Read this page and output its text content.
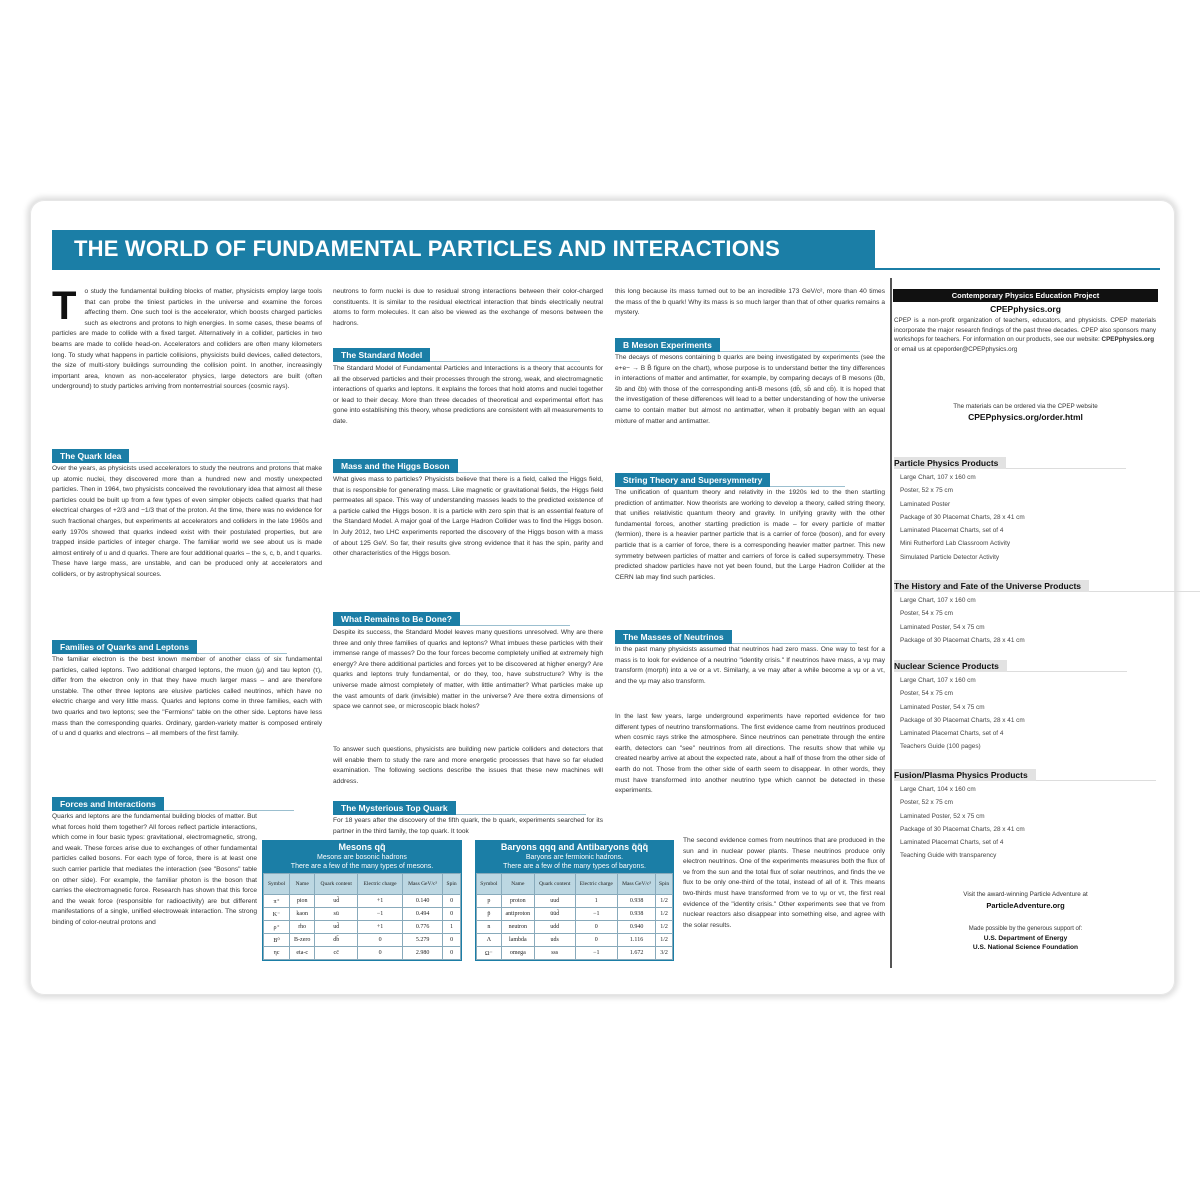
THE WORLD OF FUNDAMENTAL PARTICLES AND INTERACTIONS
T o study the fundamental building blocks of matter, physicists employ large tools that can probe the tiniest particles in the universe and examine the forces affecting them. One such tool is the accelerator, which boosts charged particles such as electrons and protons to high energies. In some cases, these beams of particles are made to collide with a fixed target. Alternatively in a collider, particles in two beams are made to collide head-on. Accelerators and colliders are often many kilometers long. To study what happens in particle collisions, physicists build devices, called detectors, the size of multi-story buildings surrounding the collision point. In another, increasingly important area, known as non-accelerator physics, large detectors are built (often underground) to study particles arriving from nonterrestrial sources (cosmic rays).
The Quark Idea
Over the years, as physicists used accelerators to study the neutrons and protons that make up atomic nuclei, they discovered more than a hundred new and mostly unexpected particles. Then in 1964, two physicists conceived the revolutionary idea that almost all these particles could be built up from a few types of even simpler objects called quarks that had electrical charges of +2/3 and −1/3 that of the proton. At the time, there was no evidence for such fractional charges, but experiments at accelerators and colliders in the late 1960s and early 1970s showed that quarks indeed exist with their postulated properties, but are trapped inside particles of integer charge. The familiar world we see about us is made almost entirely of u and d quarks. There are four additional quarks – the s, c, b, and t quarks. These have large mass, are unstable, and can be produced only at accelerators and colliders, or by astrophysical sources.
Families of Quarks and Leptons
The familiar electron is the best known member of another class of six fundamental particles, called leptons. Two additional charged leptons, the muon (μ) and tau lepton (τ), differ from the electron only in that they have much larger mass – and are therefore unstable. The other three leptons are elusive particles called neutrinos, which have no electric charge and very little mass. Quarks and leptons come in three families, each with two quarks and two leptons; see the "Fermions" table on the other side. Leptons have less mass than the corresponding quarks. Ordinary, garden-variety matter is composed entirely of u and d quarks and electrons – all members of the first family.
Forces and Interactions
Quarks and leptons are the fundamental building blocks of matter. But what forces hold them together? All forces reflect particle interactions, which come in four basic types: gravitational, electromagnetic, strong, and weak. These forces arise due to exchanges of other fundamental particles called bosons. For each type of force, there is at least one such carrier particle that mediates the interaction (see "Bosons" table on other side). For example, the familiar photon is the boson that carries the electromagnetic force. Research has shown that this force and the weak force (responsible for radioactivity) are but different manifestations of a single, unified electroweak interaction. The strong binding of color-neutral protons and
neutrons to form nuclei is due to residual strong interactions between their color-charged constituents. It is similar to the residual electrical interaction that binds electrically neutral atoms to form molecules. It can also be viewed as the exchange of mesons between the hadrons.
The Standard Model
The Standard Model of Fundamental Particles and Interactions is a theory that accounts for all the observed particles and their processes through the strong, weak, and electromagnetic interactions of quarks and leptons. It explains the forces that hold atoms and nuclei together or lead to their decay. More than three decades of theoretical and experimental effort has gone into establishing this theory, whose predictions are consistent with all measurements to date.
Mass and the Higgs Boson
What gives mass to particles? Physicists believe that there is a field, called the Higgs field, that is responsible for generating mass. Like magnetic or gravitational fields, the Higgs field permeates all space. This way of understanding masses leads to the predicted existence of a particle called the Higgs boson. It is a particle with zero spin that is an essential feature of the Standard Model. A major goal of the Large Hadron Collider was to find the Higgs boson. In July 2012, two LHC experiments reported the discovery of the Higgs boson with a mass of about 125 GeV. So far, their results give strong evidence that it has the spin, parity and other characteristics of the Higgs boson.
What Remains to Be Done?
Despite its success, the Standard Model leaves many questions unresolved. Why are there three and only three families of quarks and leptons? What imbues these particles with their immense range of masses? Do the four forces become completely unified at extremely high energy? Are there additional particles and forces yet to be discovered at higher energy? Are quarks and leptons truly fundamental, or do they, too, have substructure? Why is the universe made almost completely of matter, with little antimatter? What particles make up the vast amounts of dark (invisible) matter in the universe? Are there extra dimensions of space we cannot see, or microscopic black holes?
To answer such questions, physicists are building new particle colliders and detectors that will enable them to study the rare and more energetic processes that have so far eluded examination. The following sections describe the issues that these new machines will address.
The Mysterious Top Quark
For 18 years after the discovery of the fifth quark, the b quark, experiments searched for its partner in the third family, the top quark. It took
this long because its mass turned out to be an incredible 173 GeV/c², more than 40 times the mass of the b quark! Why its mass is so much larger than that of other quarks remains a mystery.
B Meson Experiments
The decays of mesons containing b quarks are being investigated by experiments (see the e+e− → B B̄ figure on the chart), whose purpose is to understand better the tiny differences in interactions of matter and antimatter, for example, by comparing decays of B mesons (d̄b, s̄b and c̄b) with those of the corresponding anti-B mesons (db̄, sb̄ and cb̄). It is hoped that the investigation of these differences will lead to a better understanding of how the universe came to contain matter but almost no antimatter, when it probably began with an equal mixture of matter and antimatter.
String Theory and Supersymmetry
The unification of quantum theory and relativity in the 1920s led to the then startling prediction of antimatter. Now theorists are working to develop a theory, called string theory, that unifies relativistic quantum theory and gravity. In unifying gravity with the other fundamental forces, another startling prediction is made – for every particle of matter (fermion), there is a heavier partner particle that is a carrier of force (boson), and for every particle that is a carrier of force, there is a corresponding heavier matter partner. This new symmetry between particles of matter and carriers of force is called supersymmetry. These predicted shadow particles have not yet been found, but the Large Hadron Collider at the CERN lab may find such particles.
The Masses of Neutrinos
In the past many physicists assumed that neutrinos had zero mass. One way to test for a mass is to look for evidence of a neutrino "identity crisis." If neutrinos have mass, a νμ may transform (morph) into a νe or a ντ. Similarly, a νe may after a while become a νμ or a ντ, and the νμ may also transform.
In the last few years, large underground experiments have reported evidence for two different types of neutrino transformations. The first evidence came from neutrinos produced when cosmic rays strike the atmosphere. Since neutrinos can penetrate through the entire earth, detectors can "see" neutrinos from all directions. The results show that while νμ created nearby arrive at about the expected rate, about a half of those from the other side of earth do not. Those from the other side of earth seem to disappear. In other words, they must have transformed into another neutrino type which cannot be detected in these experiments.
The second evidence comes from neutrinos that are produced in the sun and in nuclear power plants. These neutrinos produce only electron neutrinos. One of the experiments measures both the flux of νe from the sun and the total flux of solar neutrinos, and finds the νe flux to be only one-third of the total, instead of all of it. This means two-thirds must have transformed from νe to νμ or ντ, the first real evidence of the "identity crisis." Other experiments see that νe from nuclear reactors also disappear into something else, and agree with the solar results.
Mesons qq̄
Mesons are bosonic hadrons
There are a few of the many types of mesons.
Symbol	Name	Quark content	Electric charge	Mass GeV/c²	Spin
π⁺	pion	ud̄	+1	0.140	0
K⁻	kaon	sū	−1	0.494	0
ρ⁺	rho	ud̄	+1	0.776	1
B⁰	B-zero	db̄	0	5.279	0
ηc	eta-c	cc̄	0	2.980	0
Baryons qqq and Antibaryons q̄q̄q̄
Baryons are fermionic hadrons.
There are a few of the many types of baryons.
Symbol	Name	Quark content	Electric charge	Mass GeV/c²	Spin
p	proton	uud	1	0.938	1/2
p̄	antiproton	ūūd̄	−1	0.938	1/2
n	neutron	udd	0	0.940	1/2
Λ	lambda	uds	0	1.116	1/2
Ω⁻	omega	sss	−1	1.672	3/2
Contemporary Physics Education Project
CPEPphysics.org
CPEP is a non-profit organization of teachers, educators, and physicists. CPEP materials incorporate the major research findings of the past three decades. CPEP also sponsors many workshops for teachers. For information on our products, see our website: CPEPphysics.org
or email us at cpeporder@CPEPphysics.org
The materials can be ordered via the CPEP website
CPEPphysics.org/order.html
Particle Physics Products
Large Chart, 107 x 160 cm
Poster, 52 x 75 cm
Laminated Poster
Package of 30 Placemat Charts, 28 x 41 cm
Laminated Placemat Charts, set of 4
Mini Rutherford Lab Classroom Activity
Simulated Particle Detector Activity
The History and Fate of the Universe Products
Large Chart, 107 x 160 cm
Poster, 54 x 75 cm
Laminated Poster, 54 x 75 cm
Package of 30 Placemat Charts, 28 x 41 cm
Nuclear Science Products
Large Chart, 107 x 160 cm
Poster, 54 x 75 cm
Laminated Poster, 54 x 75 cm
Package of 30 Placemat Charts, 28 x 41 cm
Laminated Placemat Charts, set of 4
Teachers Guide (100 pages)
Fusion/Plasma Physics Products
Large Chart, 104 x 160 cm
Poster, 52 x 75 cm
Laminated Poster, 52 x 75 cm
Package of 30 Placemat Charts, 28 x 41 cm
Laminated Placemat Charts, set of 4
Teaching Guide with transparency
Visit the award-winning Particle Adventure at
ParticleAdventure.org
Made possible by the generous support of:
U.S. Department of Energy
U.S. National Science Foundation
